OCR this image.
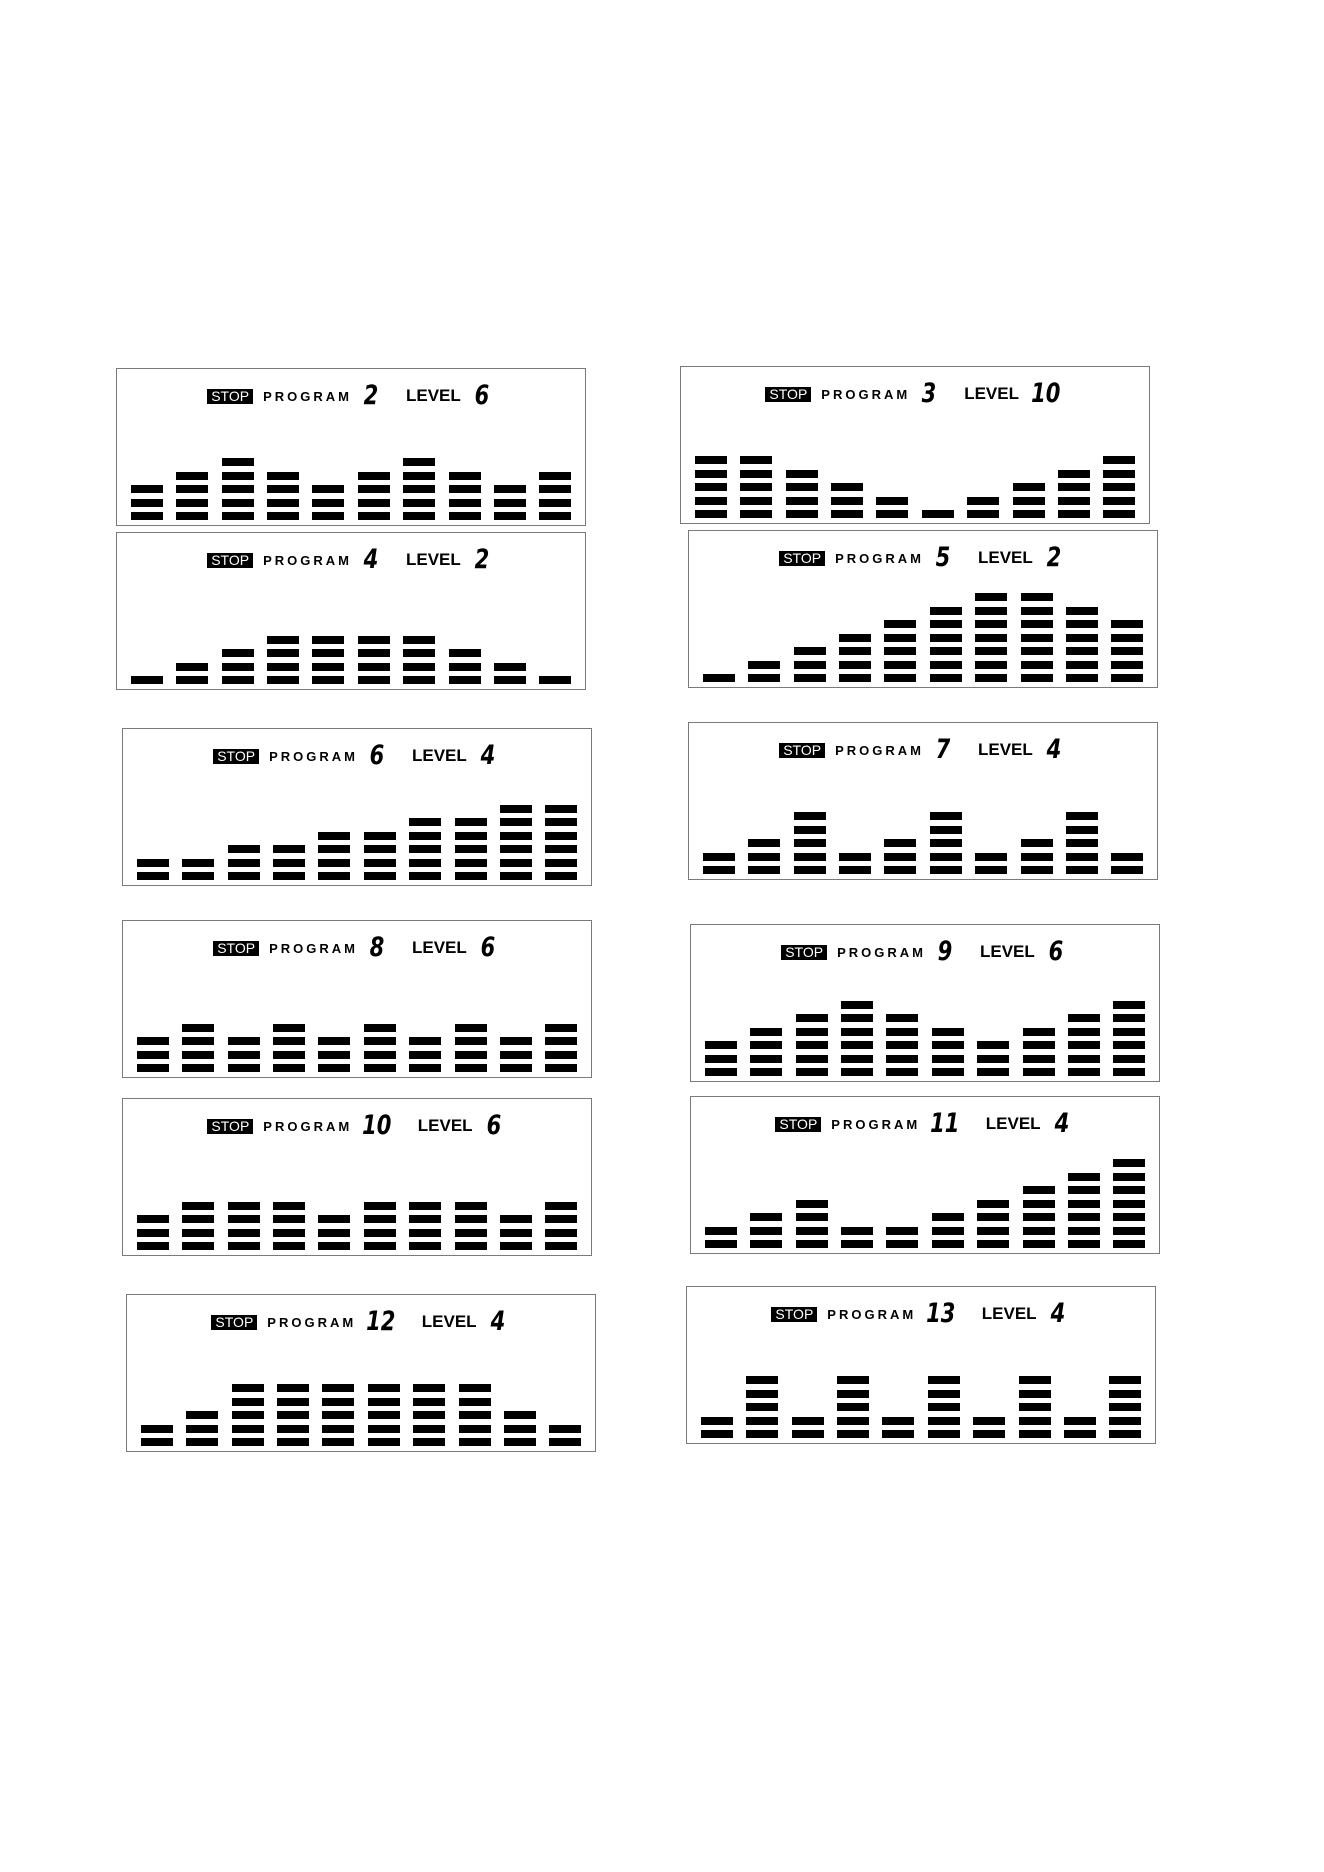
STOP	PROGRAM 2 LEVEL 6	STOP	PROGRAM 3 LEVEL 10
STOP	PROGRAM 4 LEVEL 2	STOP	PROGRAM 5 LEVEL 2
STOP	PROGRAM 6 LEVEL 4	STOP	PROGRAM 7 LEVEL 4
STOP	PROGRAM 8 LEVEL 6	STOP	PROGRAM 9 LEVEL 6
STOP	PROGRAM 10 LEVEL 6	STOP	PROGRAM 11 LEVEL 4
STOP	PROGRAM 12 LEVEL 4	STOP	PROGRAM 13 LEVEL 4
